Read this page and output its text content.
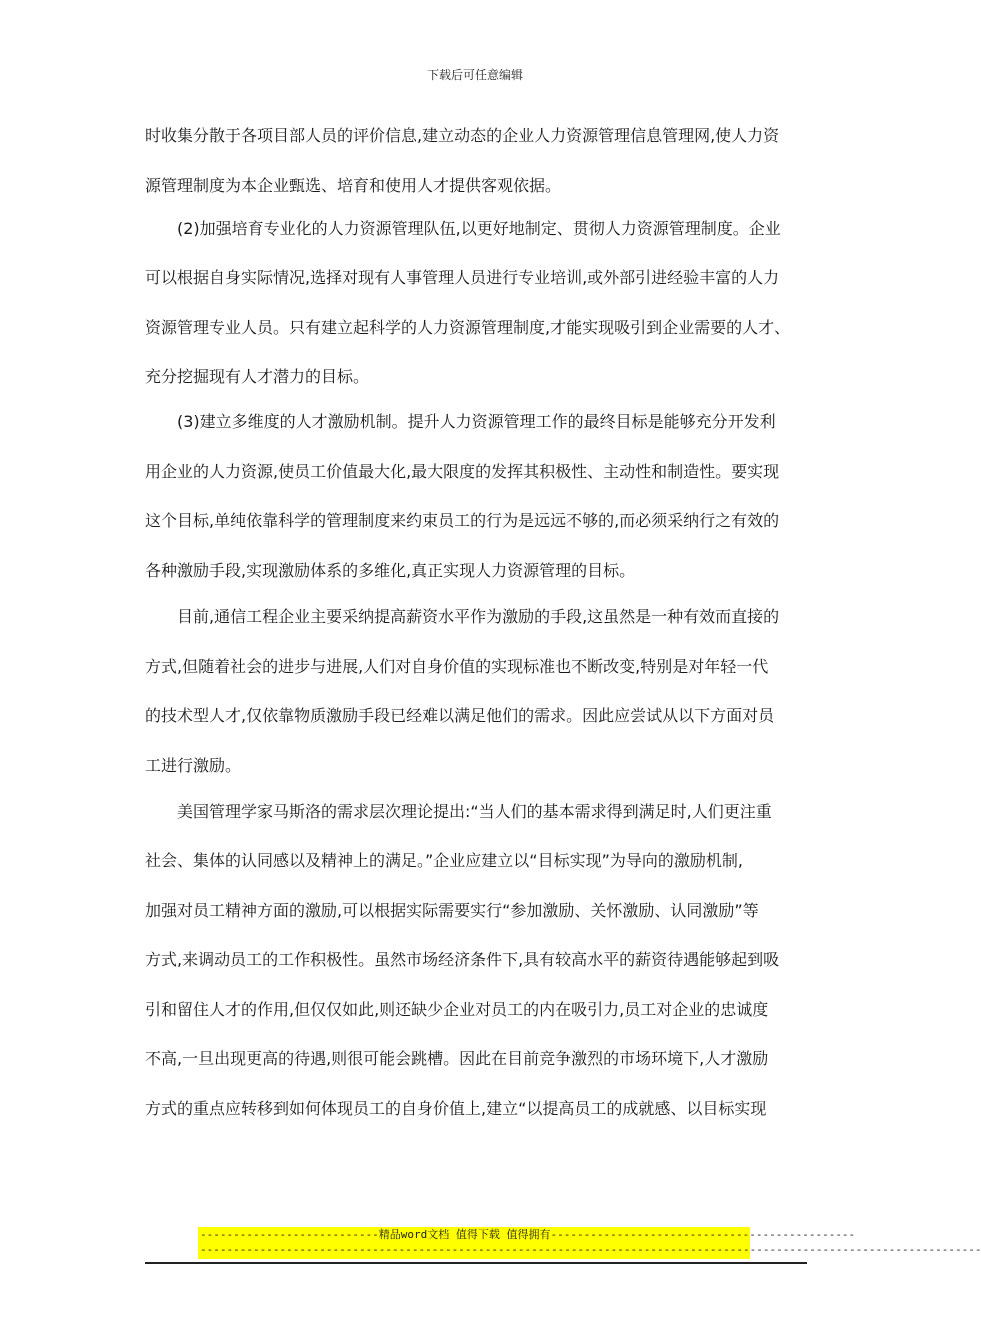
下载后可任意编辑
时收集分散于各项目部人员的评价信息,建立动态的企业人力资源管理信息管理网,使人力资
源管理制度为本企业甄选、培育和使用人才提供客观依据。
　　(2)加强培育专业化的人力资源管理队伍,以更好地制定、贯彻人力资源管理制度。企业
可以根据自身实际情况,选择对现有人事管理人员进行专业培训,或外部引进经验丰富的人力
资源管理专业人员。只有建立起科学的人力资源管理制度,才能实现吸引到企业需要的人才、
充分挖掘现有人才潜力的目标。
　　(3)建立多维度的人才激励机制。提升人力资源管理工作的最终目标是能够充分开发利
用企业的人力资源,使员工价值最大化,最大限度的发挥其积极性、主动性和制造性。要实现
这个目标,单纯依靠科学的管理制度来约束员工的行为是远远不够的,而必须采纳行之有效的
各种激励手段,实现激励体系的多维化,真正实现人力资源管理的目标。
　　目前,通信工程企业主要采纳提高薪资水平作为激励的手段,这虽然是一种有效而直接的
方式,但随着社会的进步与进展,人们对自身价值的实现标准也不断改变,特别是对年轻一代
的技术型人才,仅依靠物质激励手段已经难以满足他们的需求。因此应尝试从以下方面对员
工进行激励。
　　美国管理学家马斯洛的需求层次理论提出:“当人们的基本需求得到满足时,人们更注重
社会、集体的认同感以及精神上的满足。”企业应建立以“目标实现”为导向的激励机制,
加强对员工精神方面的激励,可以根据实际需要实行“参加激励、关怀激励、认同激励”等
方式,来调动员工的工作积极性。虽然市场经济条件下,具有较高水平的薪资待遇能够起到吸
引和留住人才的作用,但仅仅如此,则还缺少企业对员工的内在吸引力,员工对企业的忠诚度
不高,一旦出现更高的待遇,则很可能会跳槽。因此在目前竞争激烈的市场环境下,人才激励
方式的重点应转移到如何体现员工的自身价值上,建立“以提高员工的成就感、以目标实现
---------------------------精品word文档 值得下载 值得拥有----------------------------------------------
----------------------------------------------------------------------------------------------------------------------
